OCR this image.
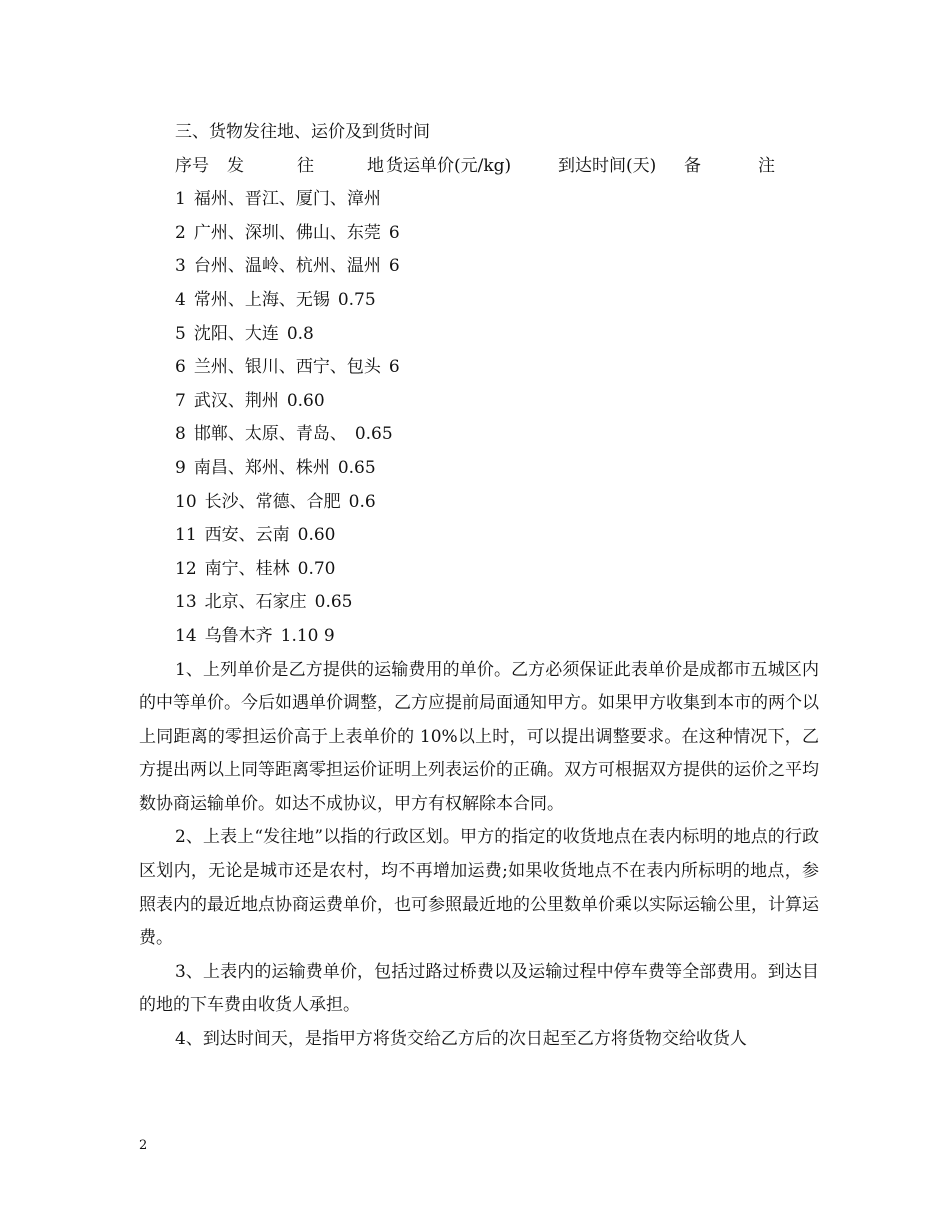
三、货物发往地、运价及到货时间

序号	发	往	地 货运单价(元/kg)	到达时间(天)	备	注
1 福州、晋江、厦门、漳州
2 广州、深圳、佛山、东莞 6
3 台州、温岭、杭州、温州 6
4 常州、上海、无锡 0.75
5 沈阳、大连 0.8
6 兰州、银川、西宁、包头 6
7 武汉、荆州 0.60
8 邯郸、太原、青岛、 0.65
9 南昌、郑州、株州 0.65
10 长沙、常德、合肥 0.6
11 西安、云南 0.60
12 南宁、桂林 0.70
13 北京、石家庄 0.65
14 乌鲁木齐 1.10 9

1、上列单价是乙方提供的运输费用的单价。乙方必须保证此表单价是成都市五城区内的中等单价。今后如遇单价调整，乙方应提前局面通知甲方。如果甲方收集到本市的两个以上同距离的零担运价高于上表单价的 10%以上时，可以提出调整要求。在这种情况下，乙方提出两以上同等距离零担运价证明上列表运价的正确。双方可根据双方提供的运价之平均数协商运输单价。如达不成协议，甲方有权解除本合同。

2、上表上“发往地”以指的行政区划。甲方的指定的收货地点在表内标明的地点的行政区划内，无论是城市还是农村，均不再增加运费;如果收货地点不在表内所标明的地点，参照表内的最近地点协商运费单价，也可参照最近地的公里数单价乘以实际运输公里，计算运费。

3、上表内的运输费单价，包括过路过桥费以及运输过程中停车费等全部费用。到达目的地的下车费由收货人承担。

4、到达时间天，是指甲方将货交给乙方后的次日起至乙方将货物交给收货人

2
